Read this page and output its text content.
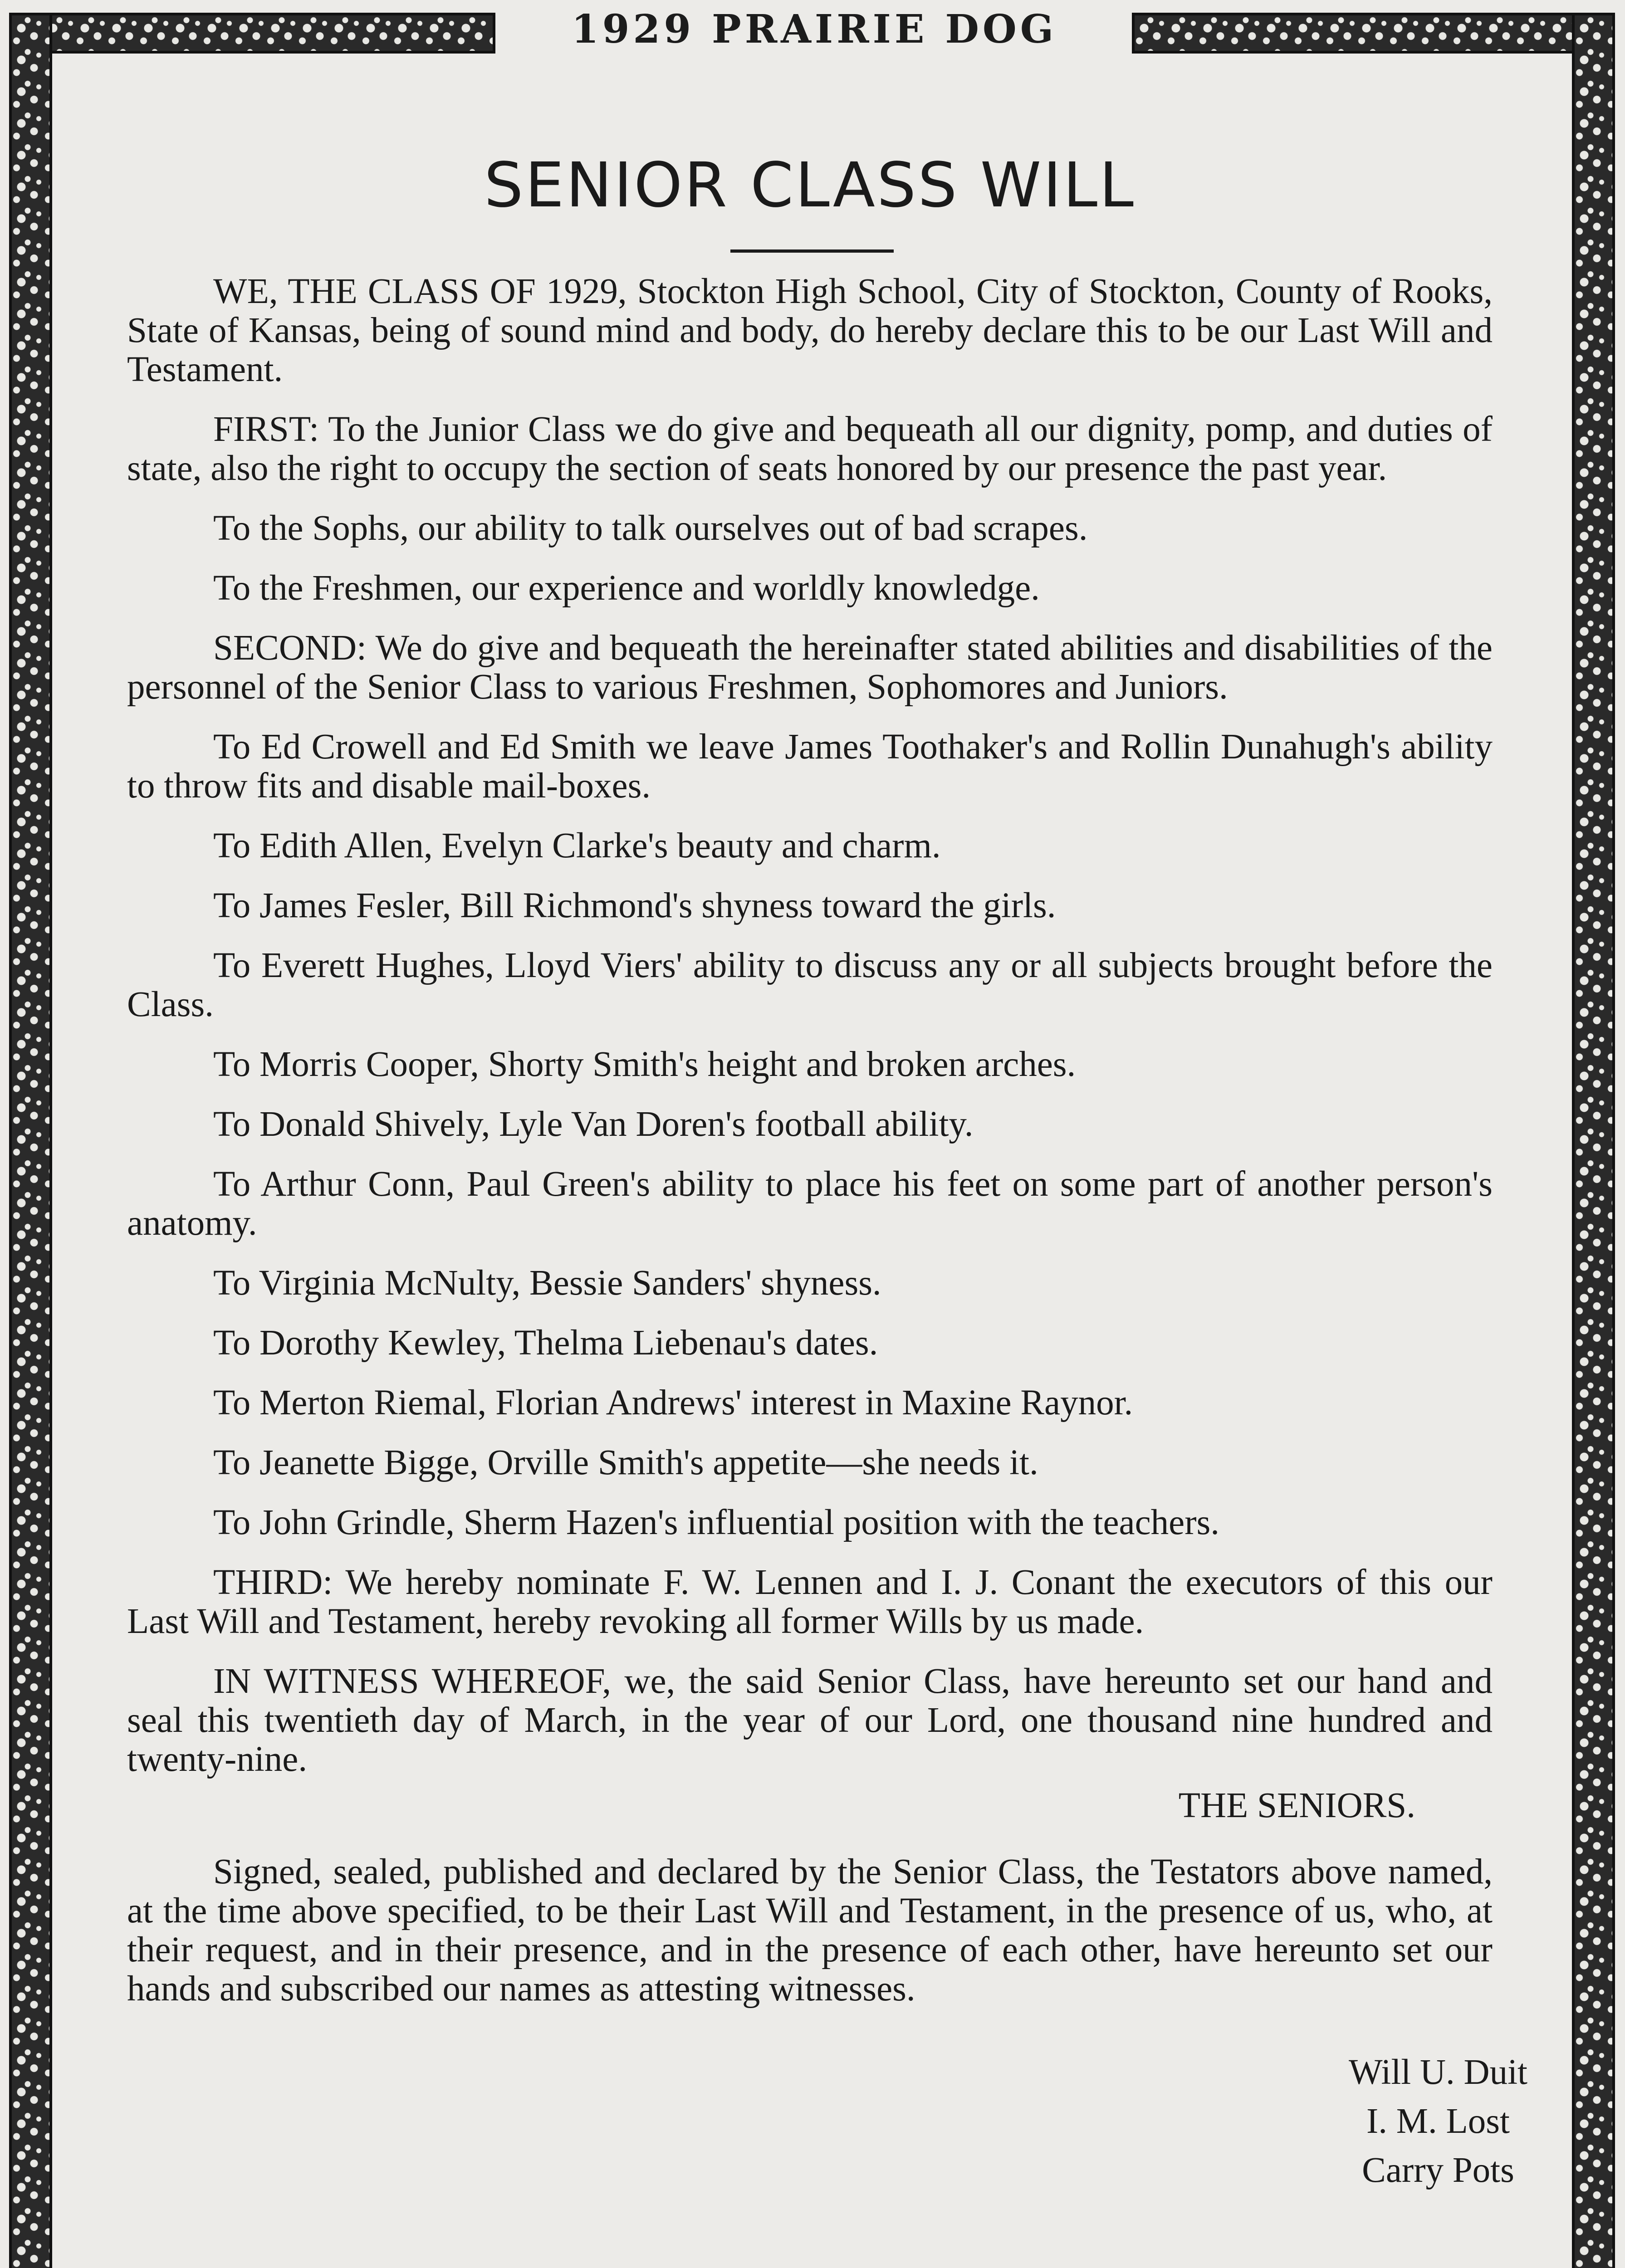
1929 PRAIRIE DOG
SENIOR CLASS WILL

WE, THE CLASS OF 1929, Stockton High School, City of Stockton, County of Rooks, State of Kansas, being of sound mind and body, do hereby declare this to be our Last Will and Testament.

FIRST: To the Junior Class we do give and bequeath all our dignity, pomp, and duties of state, also the right to occupy the section of seats honored by our presence the past year.

To the Sophs, our ability to talk ourselves out of bad scrapes.

To the Freshmen, our experience and worldly knowledge.

SECOND: We do give and bequeath the hereinafter stated abilities and disabilities of the personnel of the Senior Class to various Freshmen, Sophomores and Juniors.

To Ed Crowell and Ed Smith we leave James Toothaker's and Rollin Dunahugh's ability to throw fits and disable mail-boxes.

To Edith Allen, Evelyn Clarke's beauty and charm.

To James Fesler, Bill Richmond's shyness toward the girls.

To Everett Hughes, Lloyd Viers' ability to discuss any or all subjects brought before the Class.

To Morris Cooper, Shorty Smith's height and broken arches.

To Donald Shively, Lyle Van Doren's football ability.

To Arthur Conn, Paul Green's ability to place his feet on some part of another person's anatomy.

To Virginia McNulty, Bessie Sanders' shyness.

To Dorothy Kewley, Thelma Liebenau's dates.

To Merton Riemal, Florian Andrews' interest in Maxine Raynor.

To Jeanette Bigge, Orville Smith's appetite—she needs it.

To John Grindle, Sherm Hazen's influential position with the teachers.

THIRD: We hereby nominate F. W. Lennen and I. J. Conant the executors of this our Last Will and Testament, hereby revoking all former Wills by us made.

IN WITNESS WHEREOF, we, the said Senior Class, have hereunto set our hand and seal this twentieth day of March, in the year of our Lord, one thousand nine hundred and twenty-nine.

THE SENIORS.

Signed, sealed, published and declared by the Senior Class, the Testators above named, at the time above specified, to be their Last Will and Testament, in the presence of us, who, at their request, and in their presence, and in the presence of each other, have hereunto set our hands and subscribed our names as attesting witnesses.

Will U. Duit
I. M. Lost
Carry Pots
